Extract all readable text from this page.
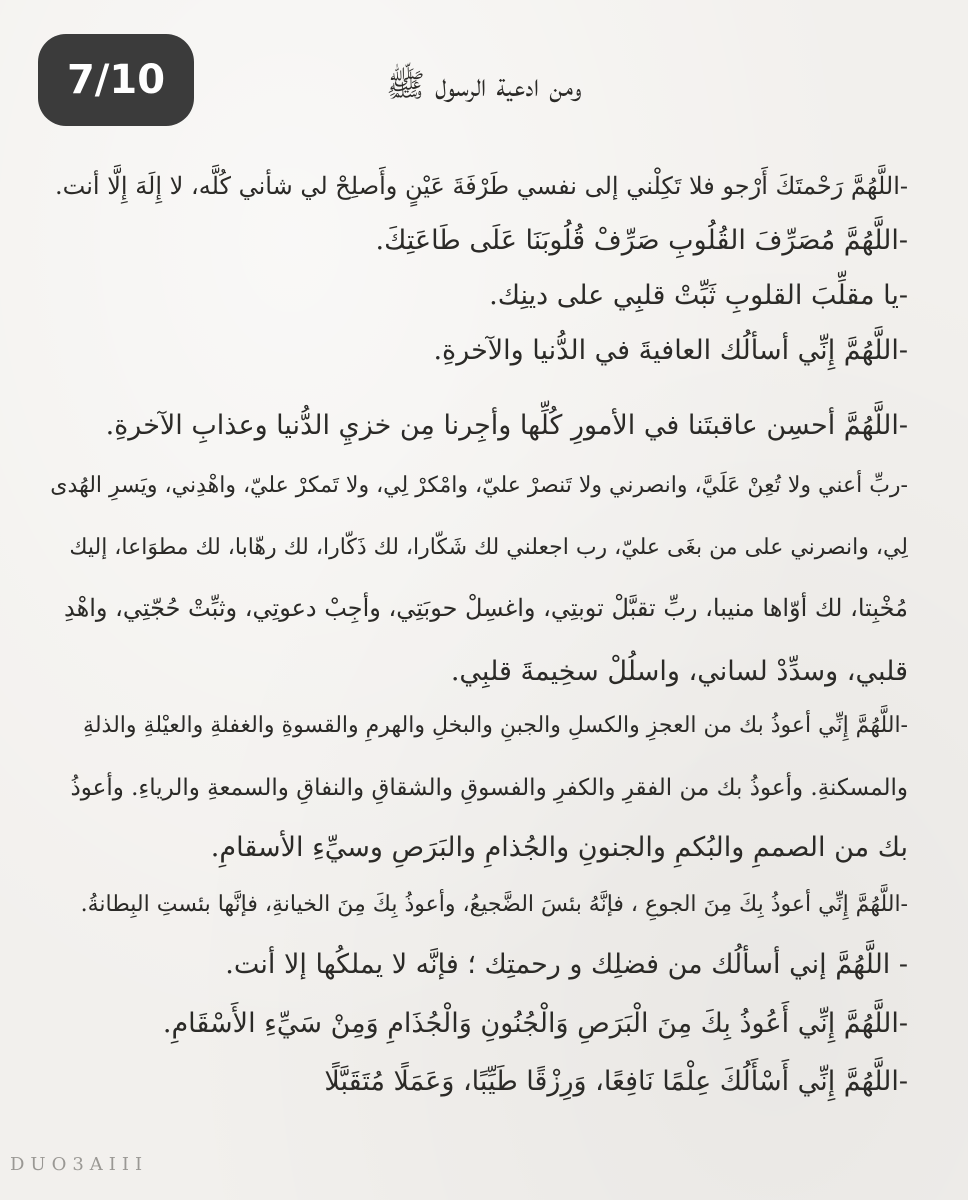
7/10	ومن ادعية الرسول ﷺ
-اللَّهُمَّ رَحْمتَكَ أَرْجو فلا تَكِلْني إلى نفسي طَرْفَةَ عَيْنٍ وأَصلِحْ لي شأني كُلَّه، لا إِلَهَ إِلَّا أنت.
-اللَّهُمَّ مُصَرِّفَ القُلُوبِ صَرِّفْ قُلُوبَنَا عَلَى طَاعَتِكَ.
-يا مقلِّبَ القلوبِ ثَبِّتْ قلبِي على دينِك.
-اللَّهُمَّ إِنِّي أسألُك العافيةَ في الدُّنيا والآخرةِ.
-اللَّهُمَّ أحسِن عاقبتَنا في الأمورِ كُلِّها وأجِرنا مِن خزيِ الدُّنيا وعذابِ الآخرةِ.
-ربِّ أعني ولا تُعِنْ عَلَيَّ، وانصرني ولا تَنصرْ عليّ، وامْكرْ لِي، ولا تَمكرْ عليّ، واهْدِني، ويَسرِ الهُدى
لِي، وانصرني على من بغَى عليّ، رب اجعلني لك شَكّارا، لك ذَكّارا، لك رهّابا، لك مطوَاعا، إليك
مُخْبِتا، لك أوّاها منيبا، ربِّ تقبَّلْ توبتِي، واغسِلْ حوبَتِي، وأجِبْ دعوتِي، وثبِّتْ حُجّتِي، واهْدِ
قلبي، وسدِّدْ لساني، واسلُلْ سخِيمةَ قلبِي.
-اللَّهُمَّ إِنِّي أعوذُ بك من العجزِ والكسلِ والجبنِ والبخلِ والهرمِ والقسوةِ والغفلةِ والعيْلةِ والذلةِ
والمسكنةِ. وأعوذُ بك من الفقرِ والكفرِ والفسوقِ والشقاقِ والنفاقِ والسمعةِ والرياءِ. وأعوذُ
بك من الصممِ والبُكمِ والجنونِ والجُذامِ والبَرَصِ وسيِّءِ الأسقامِ.
-اللَّهُمَّ إِنِّي أعوذُ بِكَ مِنَ الجوعِ ، فإنَّهُ بئسَ الضَّجيعُ، وأعوذُ بِكَ مِنَ الخيانةِ، فإنَّها بئستِ البِطانةُ.
- اللَّهُمَّ إني أسألُك من فضلِك و رحمتِك ؛ فإنَّه لا يملكُها إلا أنت.
-اللَّهُمَّ إِنِّي أَعُوذُ بِكَ مِنَ الْبَرَصِ وَالْجُنُونِ وَالْجُذَامِ وَمِنْ سَيِّءِ الأَسْقَامِ.
-اللَّهُمَّ إِنِّي أَسْأَلُكَ عِلْمًا نَافِعًا، وَرِزْقًا طَيِّبًا، وَعَمَلًا مُتَقَبَّلًا
DUO3AIII
